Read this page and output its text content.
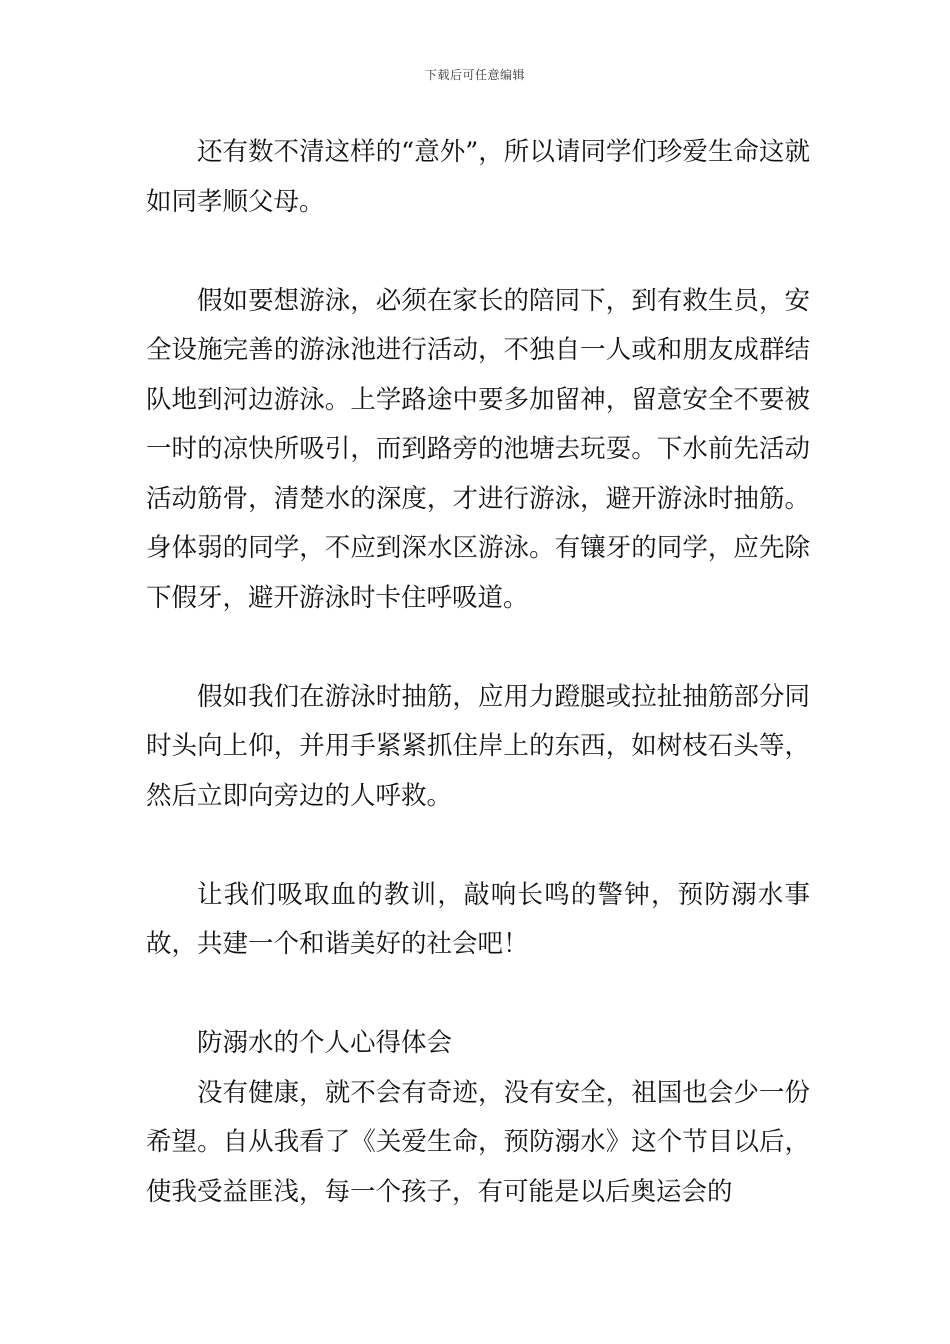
下载后可任意编辑

还有数不清这样的“意外”，所以请同学们珍爱生命这就如同孝顺父母。

假如要想游泳，必须在家长的陪同下，到有救生员，安全设施完善的游泳池进行活动，不独自一人或和朋友成群结队地到河边游泳。上学路途中要多加留神，留意安全不要被一时的凉快所吸引，而到路旁的池塘去玩耍。下水前先活动活动筋骨，清楚水的深度，才进行游泳，避开游泳时抽筋。身体弱的同学，不应到深水区游泳。有镶牙的同学，应先除下假牙，避开游泳时卡住呼吸道。

假如我们在游泳时抽筋，应用力蹬腿或拉扯抽筋部分同时头向上仰，并用手紧紧抓住岸上的东西，如树枝石头等，然后立即向旁边的人呼救。

让我们吸取血的教训，敲响长鸣的警钟，预防溺水事故，共建一个和谐美好的社会吧！

防溺水的个人心得体会

没有健康，就不会有奇迹，没有安全，祖国也会少一份希望。自从我看了《关爱生命，预防溺水》这个节目以后，使我受益匪浅，每一个孩子，有可能是以后奥运会的
